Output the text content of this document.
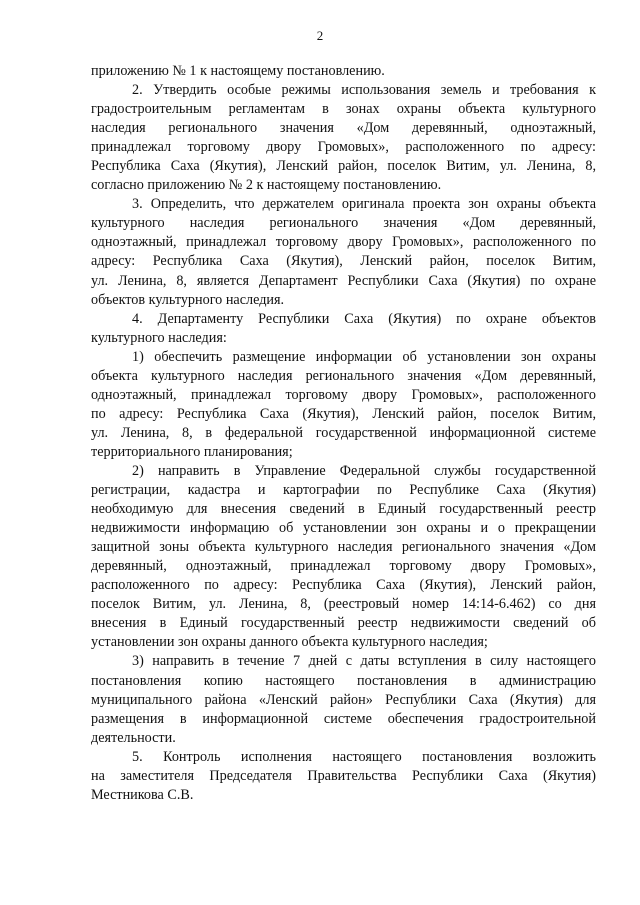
2
приложению № 1 к настоящему постановлению.
2. Утвердить особые режимы использования земель и требования к
градостроительным регламентам в зонах охраны объекта культурного
наследия регионального значения «Дом деревянный, одноэтажный,
принадлежал торговому двору Громовых», расположенного по адресу:
Республика Саха (Якутия), Ленский район, поселок Витим, ул. Ленина, 8,
согласно приложению № 2 к настоящему постановлению.
3. Определить, что держателем оригинала проекта зон охраны объекта
культурного наследия регионального значения «Дом деревянный,
одноэтажный, принадлежал торговому двору Громовых», расположенного по
адресу: Республика Саха (Якутия), Ленский район, поселок Витим,
ул. Ленина, 8, является Департамент Республики Саха (Якутия) по охране
объектов культурного наследия.
4. Департаменту Республики Саха (Якутия) по охране объектов
культурного наследия:
1) обеспечить размещение информации об установлении зон охраны
объекта культурного наследия регионального значения «Дом деревянный,
одноэтажный, принадлежал торговому двору Громовых», расположенного
по адресу: Республика Саха (Якутия), Ленский район, поселок Витим,
ул. Ленина, 8, в федеральной государственной информационной системе
территориального планирования;
2) направить в Управление Федеральной службы государственной
регистрации, кадастра и картографии по Республике Саха (Якутия)
необходимую для внесения сведений в Единый государственный реестр
недвижимости информацию об установлении зон охраны и о прекращении
защитной зоны объекта культурного наследия регионального значения «Дом
деревянный, одноэтажный, принадлежал торговому двору Громовых»,
расположенного по адресу: Республика Саха (Якутия), Ленский район,
поселок Витим, ул. Ленина, 8, (реестровый номер 14:14-6.462) со дня
внесения в Единый государственный реестр недвижимости сведений об
установлении зон охраны данного объекта культурного наследия;
3) направить в течение 7 дней с даты вступления в силу настоящего
постановления копию настоящего постановления в администрацию
муниципального района «Ленский район» Республики Саха (Якутия) для
размещения в информационной системе обеспечения градостроительной
деятельности.
5. Контроль исполнения настоящего постановления возложить
на заместителя Председателя Правительства Республики Саха (Якутия)
Местникова С.В.
